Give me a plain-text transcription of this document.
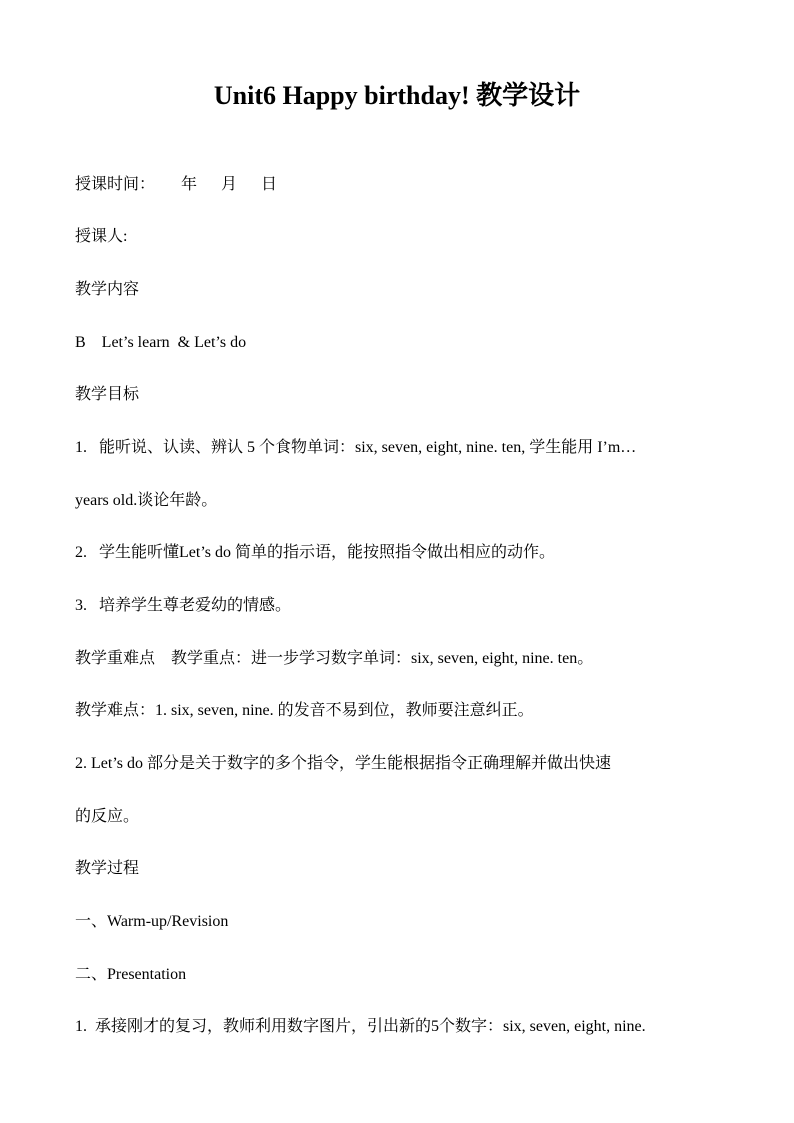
Unit6 Happy birthday! 教学设计
授课时间： 年 月 日
授课人:
教学内容
B    Let’s learn  & Let’s do
教学目标
1.   能听说、认读、辨认 5 个食物单词：six, seven, eight, nine. ten, 学生能用 I’m…
years old.谈论年龄。
2.   学生能听懂Let’s do 简单的指示语，能按照指令做出相应的动作。
3.   培养学生尊老爱幼的情感。
教学重难点    教学重点：进一步学习数字单词：six, seven, eight, nine. ten。
教学难点：1. six, seven, nine. 的发音不易到位，教师要注意纠正。
2. Let’s do 部分是关于数字的多个指令，学生能根据指令正确理解并做出快速
的反应。
教学过程
一、Warm-up/Revision
二、Presentation
1.  承接刚才的复习，教师利用数字图片，引出新的5个数字：six, seven, eight, nine.
